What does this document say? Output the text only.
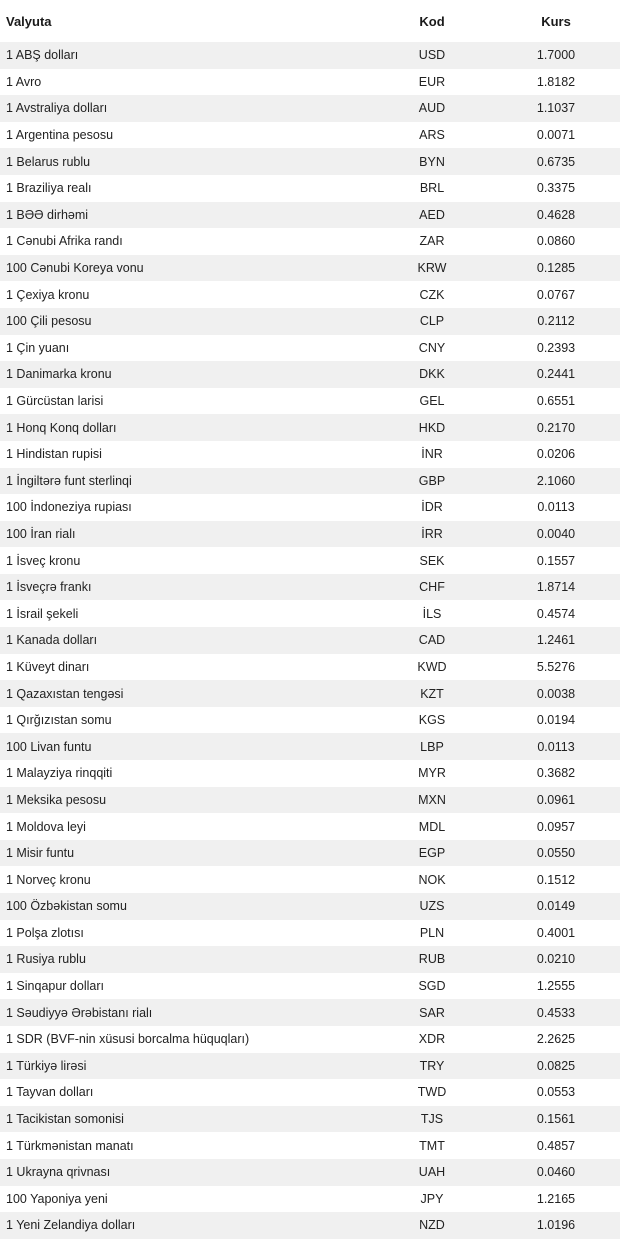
Valyuta	Kod	Kurs
1 ABŞ dolları	USD	1.7000
1 Avro	EUR	1.8182
1 Avstraliya dolları	AUD	1.1037
1 Argentina pesosu	ARS	0.0071
1 Belarus rublu	BYN	0.6735
1 Braziliya realı	BRL	0.3375
1 BƏƏ dirhəmi	AED	0.4628
1 Cənubi Afrika randı	ZAR	0.0860
100 Cənubi Koreya vonu	KRW	0.1285
1 Çexiya kronu	CZK	0.0767
100 Çili pesosu	CLP	0.2112
1 Çin yuanı	CNY	0.2393
1 Danimarka kronu	DKK	0.2441
1 Gürcüstan larisi	GEL	0.6551
1 Honq Konq dolları	HKD	0.2170
1 Hindistan rupisi	İNR	0.0206
1 İngiltərə funt sterlinqi	GBP	2.1060
100 İndoneziya rupiası	İDR	0.0113
100 İran rialı	İRR	0.0040
1 İsveç kronu	SEK	0.1557
1 İsveçrə frankı	CHF	1.8714
1 İsrail şekeli	İLS	0.4574
1 Kanada dolları	CAD	1.2461
1 Küveyt dinarı	KWD	5.5276
1 Qazaxıstan tengəsi	KZT	0.0038
1 Qırğızıstan somu	KGS	0.0194
100 Livan funtu	LBP	0.0113
1 Malayziya rinqqiti	MYR	0.3682
1 Meksika pesosu	MXN	0.0961
1 Moldova leyi	MDL	0.0957
1 Misir funtu	EGP	0.0550
1 Norveç kronu	NOK	0.1512
100 Özbəkistan somu	UZS	0.0149
1 Polşa zlotısı	PLN	0.4001
1 Rusiya rublu	RUB	0.0210
1 Sinqapur dolları	SGD	1.2555
1 Səudiyyə Ərəbistanı rialı	SAR	0.4533
1 SDR (BVF-nin xüsusi borcalma hüquqları)	XDR	2.2625
1 Türkiyə lirəsi	TRY	0.0825
1 Tayvan dolları	TWD	0.0553
1 Tacikistan somonisi	TJS	0.1561
1 Türkmənistan manatı	TMT	0.4857
1 Ukrayna qrivnası	UAH	0.0460
100 Yaponiya yeni	JPY	1.2165
1 Yeni Zelandiya dolları	NZD	1.0196
